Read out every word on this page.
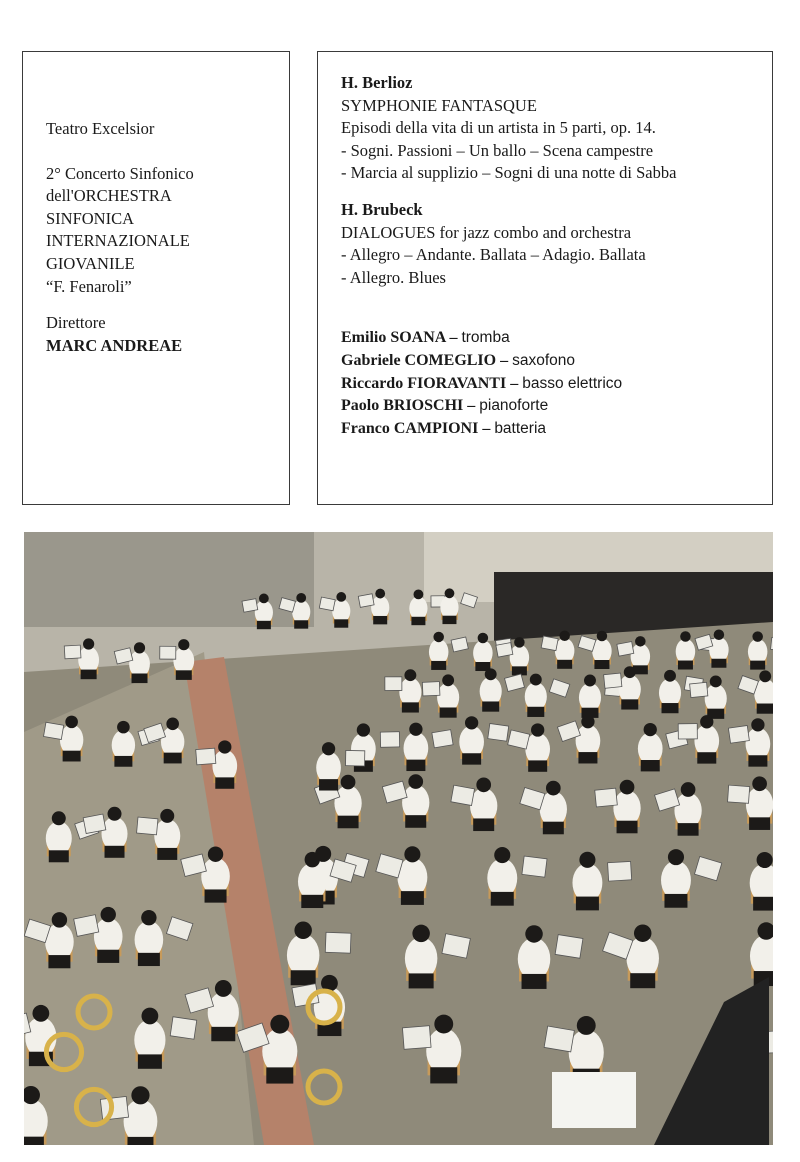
Teatro Excelsior
2° Concerto Sinfonico
dell'ORCHESTRA
SINFONICA
INTERNAZIONALE
GIOVANILE
“F. Fenaroli”
Direttore
MARC ANDREAE
H. Berlioz
SYMPHONIE FANTASQUE
Episodi della vita di un artista in 5 parti, op. 14.
- Sogni. Passioni – Un ballo – Scena campestre
- Marcia al supplizio – Sogni di una notte di Sabba
H. Brubeck
DIALOGUES for jazz combo and orchestra
- Allegro – Andante. Ballata – Adagio. Ballata
- Allegro. Blues
Emilio SOANA – tromba
Gabriele COMEGLIO – saxofono
Riccardo FIORAVANTI – basso elettrico
Paolo BRIOSCHI – pianoforte
Franco CAMPIONI – batteria
